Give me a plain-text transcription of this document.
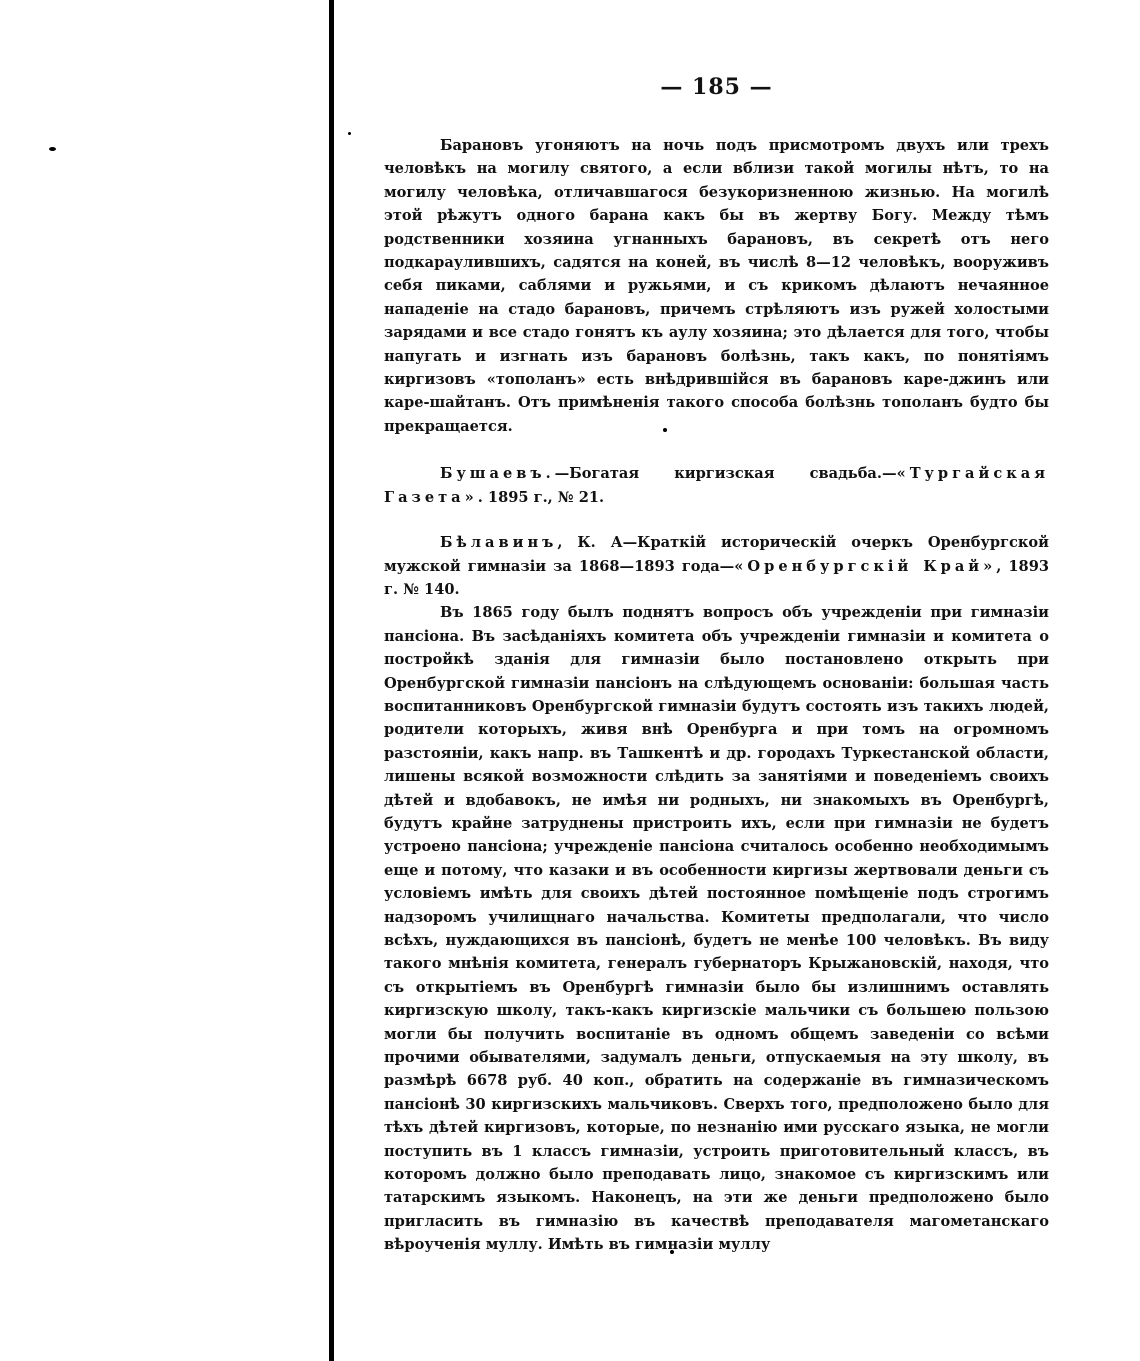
— 185 —

Барановъ угоняютъ на ночь подъ присмотромъ двухъ или трехъ человѣкъ на могилу святого, а если вблизи такой могилы нѣтъ, то на могилу человѣка, отличавшагося безукоризненною жизнью. На могилѣ этой рѣжутъ одного барана какъ бы въ жертву Богу. Между тѣмъ родственники хозяина угнанныхъ барановъ, въ секретѣ отъ него подкараулившихъ, садятся на коней, въ числѣ 8—12 человѣкъ, вооруживъ себя пиками, саблями и ружьями, и съ крикомъ дѣлаютъ нечаянное нападеніе на стадо барановъ, причемъ стрѣляютъ изъ ружей холостыми зарядами и все стадо гонятъ къ аулу хозяина; это дѣлается для того, чтобы напугать и изгнать изъ барановъ болѣзнь, такъ какъ, по понятіямъ киргизовъ «тополанъ» есть внѣдрившійся въ барановъ каре-джинъ или каре-шайтанъ. Отъ примѣненія такого способа болѣзнь тополанъ будто бы прекращается.

Бушаевъ.—Богатая киргизская свадьба.—«Тургайская Газета». 1895 г., № 21.

Бѣлавинъ, К. А—Краткій историческій очеркъ Оренбургской мужской гимназіи за 1868—1893 года—«Оренбургскій Край», 1893 г. № 140.

Въ 1865 году былъ поднятъ вопросъ объ учрежденіи при гимназіи пансіона. Въ засѣданіяхъ комитета объ учрежденіи гимназіи и комитета о постройкѣ зданія для гимназіи было постановлено открыть при Оренбургской гимназіи пансіонъ на слѣдующемъ основаніи: большая часть воспитанниковъ Оренбургской гимназіи будутъ состоять изъ такихъ людей, родители которыхъ, живя внѣ Оренбурга и при томъ на огромномъ разстояніи, какъ напр. въ Ташкентѣ и др. городахъ Туркестанской области, лишены всякой возможности слѣдить за занятіями и поведеніемъ своихъ дѣтей и вдобавокъ, не имѣя ни родныхъ, ни знакомыхъ въ Оренбургѣ, будутъ крайне затруднены пристроить ихъ, если при гимназіи не будетъ устроено пансіона; учрежденіе пансіона считалось особенно необходимымъ еще и потому, что казаки и въ особенности киргизы жертвовали деньги съ условіемъ имѣть для своихъ дѣтей постоянное помѣщеніе подъ строгимъ надзоромъ училищнаго начальства. Комитеты предполагали, что число всѣхъ, нуждающихся въ пансіонѣ, будетъ не менѣе 100 человѣкъ. Въ виду такого мнѣнія комитета, генералъ губернаторъ Крыжановскій, находя, что съ открытіемъ въ Оренбургѣ гимназіи было бы излишнимъ оставлять киргизскую школу, такъ-какъ киргизскіе мальчики съ большею пользою могли бы получить воспитаніе въ одномъ общемъ заведеніи со всѣми прочими обывателями, задумалъ деньги, отпускаемыя на эту школу, въ размѣрѣ 6678 руб. 40 коп., обратить на содержаніе въ гимназическомъ пансіонѣ 30 киргизскихъ мальчиковъ. Сверхъ того, предположено было для тѣхъ дѣтей киргизовъ, которые, по незнанію ими русскаго языка, не могли поступить въ 1 классъ гимназіи, устроить приготовительный классъ, въ которомъ должно было преподавать лицо, знакомое съ киргизскимъ или татарскимъ языкомъ. Наконецъ, на эти же деньги предположено было пригласить въ гимназію въ качествѣ преподавателя магометанскаго вѣроученія муллу. Имѣть въ гимназіи муллу
